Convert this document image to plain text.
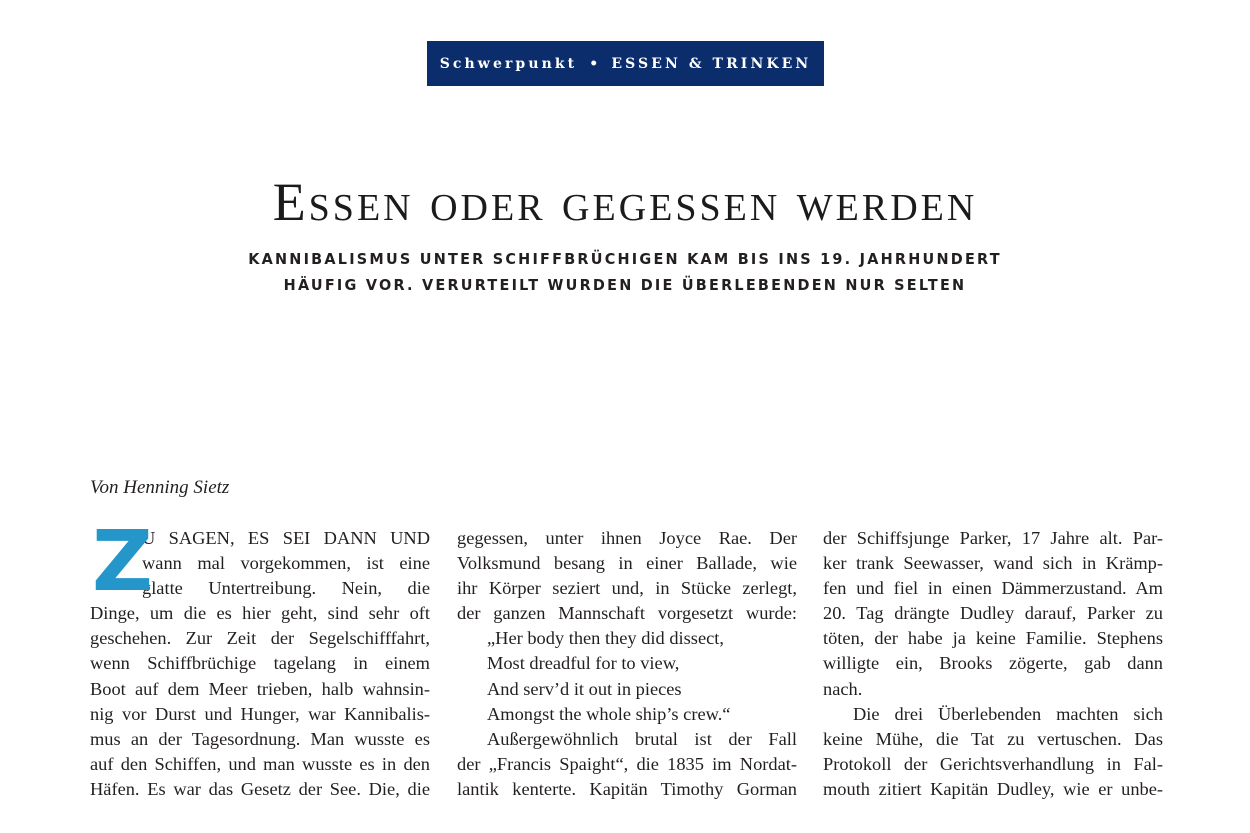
Schwerpunkt • ESSEN & TRINKEN
Essen oder gegessen werden
KANNIBALISMUS UNTER SCHIFFBRÜCHIGEN KAM BIS INS 19. JAHRHUNDERT
HÄUFIG VOR. VERURTEILT WURDEN DIE ÜBERLEBENDEN NUR SELTEN
Von Henning Sietz
Z
U SAGEN, ES SEI DANN UND
wann mal vorgekommen, ist eine
glatte Untertreibung. Nein, die
Dinge, um die es hier geht, sind sehr oft
geschehen. Zur Zeit der Segelschifffahrt,
wenn Schiffbrüchige tagelang in einem
Boot auf dem Meer trieben, halb wahnsin-
nig vor Durst und Hunger, war Kannibalis-
mus an der Tagesordnung. Man wusste es
auf den Schiffen, und man wusste es in den
Häfen. Es war das Gesetz der See. Die, die
gegessen, unter ihnen Joyce Rae. Der
Volksmund besang in einer Ballade, wie
ihr Körper seziert und, in Stücke zerlegt,
der ganzen Mannschaft vorgesetzt wurde:
„Her body then they did dissect,
Most dreadful for to view,
And serv’d it out in pieces
Amongst the whole ship’s crew.“
Außergewöhnlich brutal ist der Fall
der „Francis Spaight“, die 1835 im Nordat-
lantik kenterte. Kapitän Timothy Gorman
der Schiffsjunge Parker, 17 Jahre alt. Par-
ker trank Seewasser, wand sich in Krämp-
fen und fiel in einen Dämmerzustand. Am
20. Tag drängte Dudley darauf, Parker zu
töten, der habe ja keine Familie. Stephens
willigte ein, Brooks zögerte, gab dann
nach.
Die drei Überlebenden machten sich
keine Mühe, die Tat zu vertuschen. Das
Protokoll der Gerichtsverhandlung in Fal-
mouth zitiert Kapitän Dudley, wie er unbe-
